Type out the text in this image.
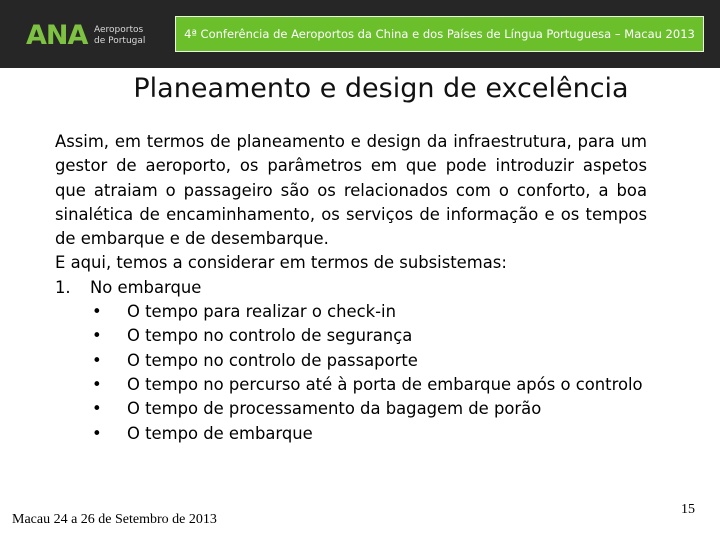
ANA Aeroportos
de Portugal	4ª Conferência de Aeroportos da China e dos Países de Língua Portuguesa – Macau 2013
Planeamento e design de excelência
Assim, em termos de planeamento e design da infraestrutura, para um gestor de aeroporto, os parâmetros em que pode introduzir aspetos que atraiam o passageiro são os relacionados com o conforto, a boa sinalética de encaminhamento, os serviços de informação e os tempos de embarque e de desembarque.
E aqui, temos a considerar em termos de subsistemas:
1.	No embarque
•	O tempo para realizar o check-in
•	O tempo no controlo de segurança
•	O tempo no controlo de passaporte
•	O tempo no percurso até à porta de embarque após o controlo
•	O tempo de processamento da bagagem de porão
•	O tempo de embarque
Macau 24 a 26 de Setembro de 2013
15
